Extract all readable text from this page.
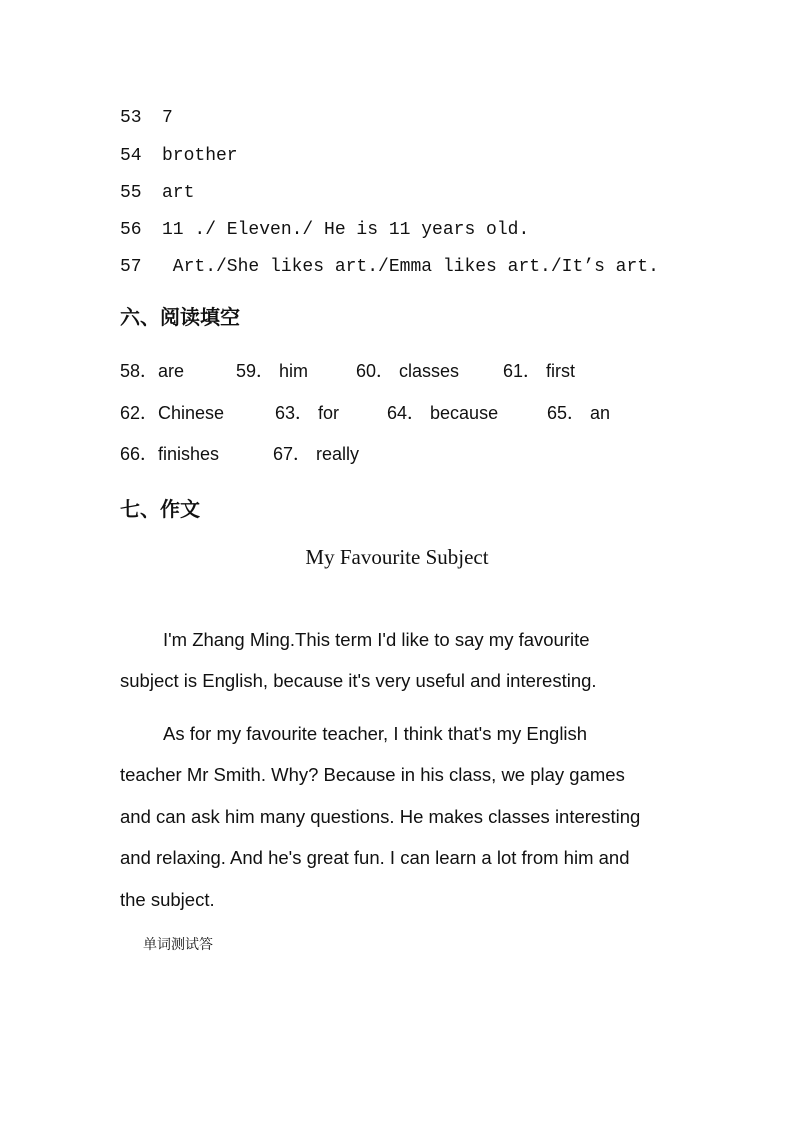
53 7
54 brother
55 art
56 11 ./ Eleven./ He is 11 years old.
57 Art./She likes art./Emma likes art./It’s art.
六、阅读填空
58．are	59． him	60． classes 61． first
62．Chinese	63． for	64． because	65． an
66．finishes	67． really
七、作文
My Favourite Subject
I'm Zhang Ming.This term I'd like to say my favourite
subject is English, because it's very useful and interesting.
As for my favourite teacher, I think that's my English
teacher Mr Smith. Why? Because in his class, we play games
and can ask him many questions. He makes classes interesting
and relaxing. And he's great fun. I can learn a lot from him and
the subject.
单词测试答
